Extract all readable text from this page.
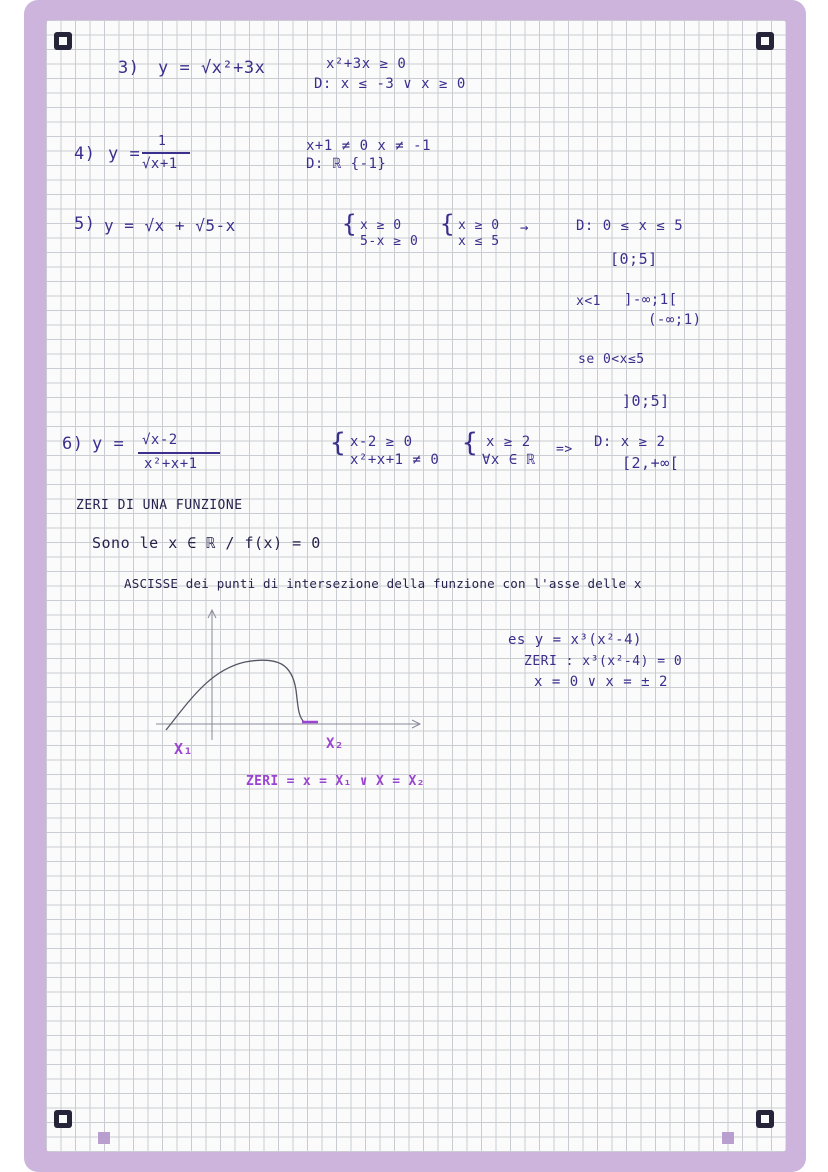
3) y = √x²+3x	x²+3x ≥ 0
D: x ≤ -3 ∨ x ≥ 0
4) y =
1
√x+1
x+1 ≠ 0 x ≠ -1
D: ℝ {-1}
5) y = √x + √5-x	{ x ≥ 0
5-x ≥ 0
{ x ≥ 0
x ≤ 5
→	D: 0 ≤ x ≤ 5
[0;5]
x<1 ]-∞;1[
(-∞;1)
se 0<x≤5
]0;5]
6) y = √x-2
x²+x+1
{ x-2 ≥ 0
x²+x+1 ≠ 0
{ x ≥ 2
∀x ∈ ℝ
=> D: x ≥ 2
[2,+∞[
ZERI DI UNA FUNZIONE
Sono le x ∈ ℝ / f(x) = 0
ASCISSE dei punti di intersezione della funzione con l'asse delle x
es y = x³(x²-4)
ZERI : x³(x²-4) = 0
x = 0 ∨ x = ± 2
X₁	X₂
ZERI = x = X₁ ∨ X = X₂
